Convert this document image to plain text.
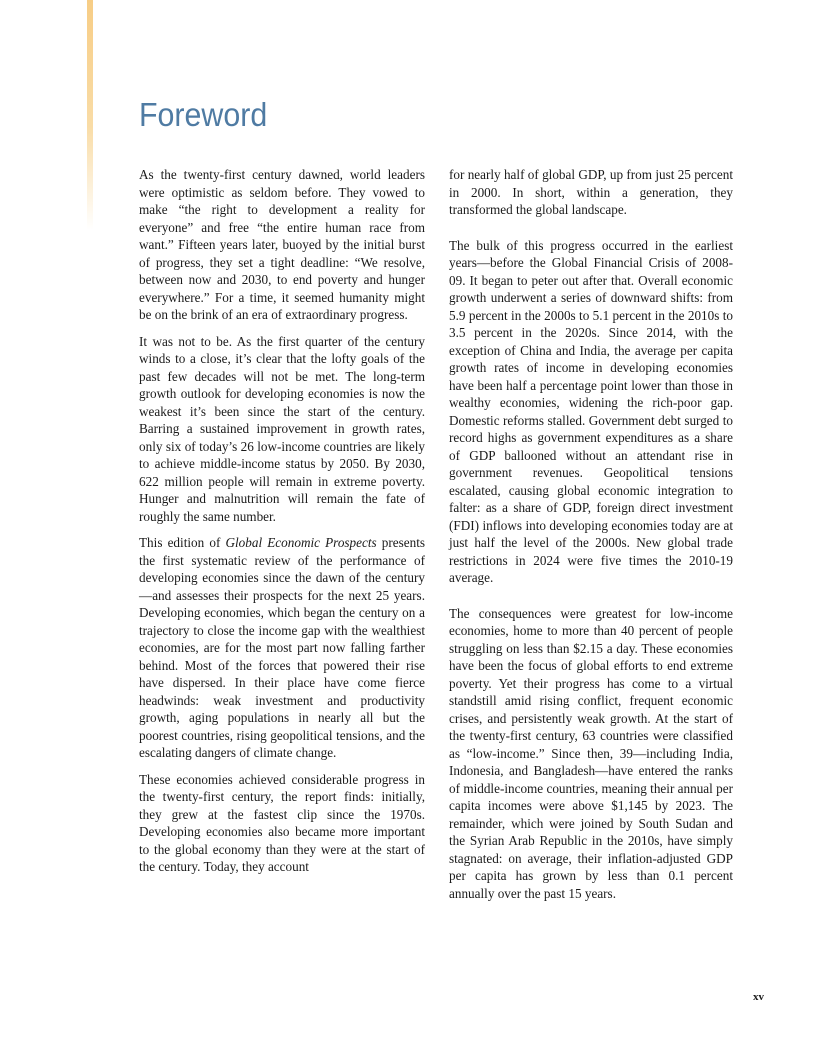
Foreword

As the twenty-first century dawned, world leaders were optimistic as seldom before. They vowed to make “the right to development a reality for everyone” and free “the entire human race from want.” Fifteen years later, buoyed by the initial burst of progress, they set a tight deadline: “We resolve, between now and 2030, to end poverty and hunger everywhere.” For a time, it seemed humanity might be on the brink of an era of extraordinary progress.

It was not to be. As the first quarter of the century winds to a close, it’s clear that the lofty goals of the past few decades will not be met. The long-term growth outlook for developing economies is now the weakest it’s been since the start of the century. Barring a sustained improvement in growth rates, only six of today’s 26 low-income countries are likely to achieve middle-income status by 2050. By 2030, 622 million people will remain in extreme poverty. Hunger and malnutrition will remain the fate of roughly the same number.

This edition of Global Economic Prospects presents the first systematic review of the performance of developing economies since the dawn of the century—and assesses their prospects for the next 25 years. Developing economies, which began the century on a trajectory to close the income gap with the wealthiest economies, are for the most part now falling farther behind. Most of the forces that powered their rise have dispersed. In their place have come fierce headwinds: weak investment and productivity growth, aging populations in nearly all but the poorest countries, rising geopolitical tensions, and the escalating dangers of climate change.

These economies achieved considerable progress in the twenty-first century, the report finds: initially, they grew at the fastest clip since the 1970s. Developing economies also became more important to the global economy than they were at the start of the century. Today, they account

for nearly half of global GDP, up from just 25 percent in 2000. In short, within a generation, they transformed the global landscape.

The bulk of this progress occurred in the earliest years—before the Global Financial Crisis of 2008-09. It began to peter out after that. Overall economic growth underwent a series of downward shifts: from 5.9 percent in the 2000s to 5.1 percent in the 2010s to 3.5 percent in the 2020s. Since 2014, with the exception of China and India, the average per capita growth rates of income in developing economies have been half a percentage point lower than those in wealthy economies, widening the rich-poor gap. Domestic reforms stalled. Government debt surged to record highs as government expenditures as a share of GDP ballooned without an attendant rise in government revenues. Geopolitical tensions escalated, causing global economic integration to falter: as a share of GDP, foreign direct investment (FDI) inflows into developing economies today are at just half the level of the 2000s. New global trade restrictions in 2024 were five times the 2010-19 average.

The consequences were greatest for low-income economies, home to more than 40 percent of people struggling on less than $2.15 a day. These economies have been the focus of global efforts to end extreme poverty. Yet their progress has come to a virtual standstill amid rising conflict, frequent economic crises, and persistently weak growth. At the start of the twenty-first century, 63 countries were classified as “low-income.” Since then, 39—including India, Indonesia, and Bangladesh—have entered the ranks of middle-income countries, meaning their annual per capita incomes were above $1,145 by 2023. The remainder, which were joined by South Sudan and the Syrian Arab Republic in the 2010s, have simply stagnated: on average, their inflation-adjusted GDP per capita has grown by less than 0.1 percent annually over the past 15 years.

xv
